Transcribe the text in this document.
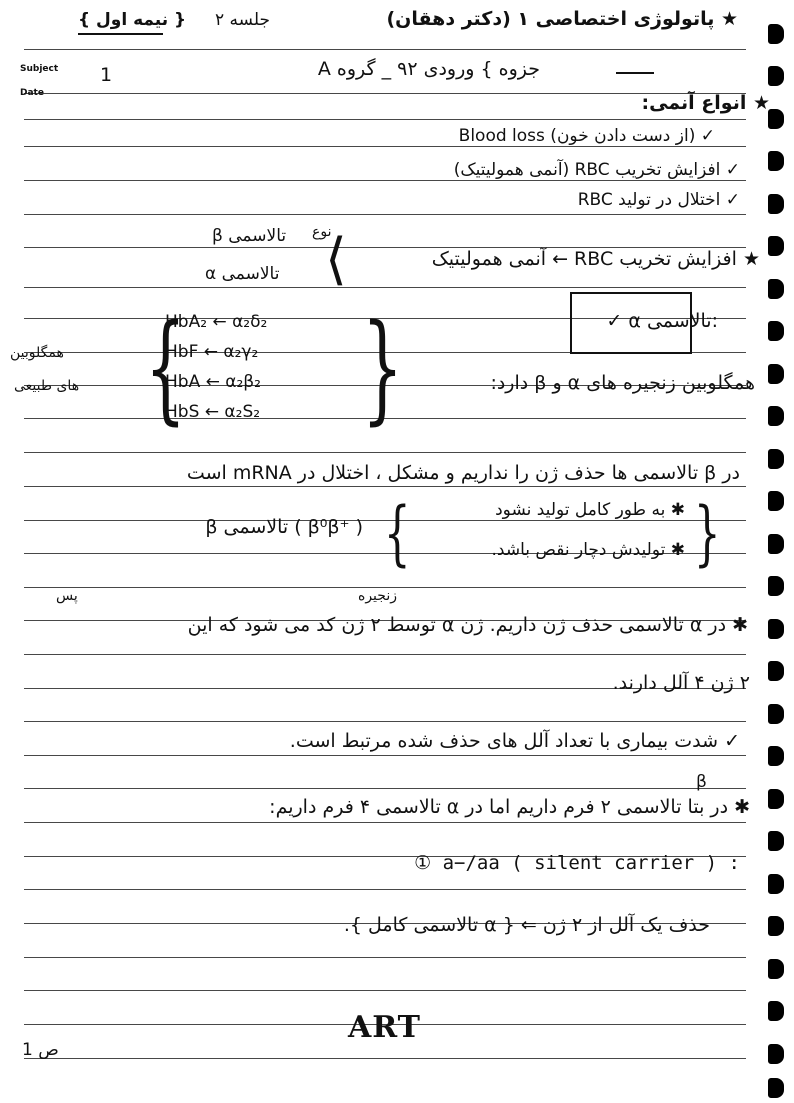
★ پاتولوژی اختصاصی ۱ (دکتر دهقان)
جلسه ۲
{ نیمه اول }
Subject
Date
1	جزوه } ورودی ۹۲ _ گروه A
★ انواع آنمی:
Blood loss (از دست دادن خون) ✓
✓ افزایش تخریب RBC (آنمی همولیتیک)
✓ اختلال در تولید RBC
نوع
β تالاسمی
α تالاسمی ⟨	★ افزایش تخریب RBC ← آنمی همولیتیک
✓ α تالاسمی:
همگلوبین
های طبیعی {
HbA₂ ← α₂δ₂
HbF ← α₂γ₂
HbA ← α₂β₂
HbS ← α₂S₂ }	همگلوبین زنجیره های α و β دارد:
در β تالاسمی ها حذف ژن را نداریم و مشکل ، اختلال در mRNA است
{	}
✱ به طور کامل تولید نشود
✱ تولیدش دچار نقص باشد.
β تالاسمی ( β⁰β⁺ )
زنجیره
پس
✱ در α تالاسمی حذف ژن داریم. ژن α توسط ۲ ژن کد می شود که این
۲ ژن ۴ آلل دارند.
✓ شدت بیماری با تعداد آلل های حذف شده مرتبط است.
β
✱ در بتا تالاسمی ۲ فرم داریم اما در α تالاسمی ۴ فرم داریم:
① a−/aa ( silent carrier ) :
حذف یک آلل از ۲ ژن ⇐ { α تالاسمی کامل }.
ART
ص 1
